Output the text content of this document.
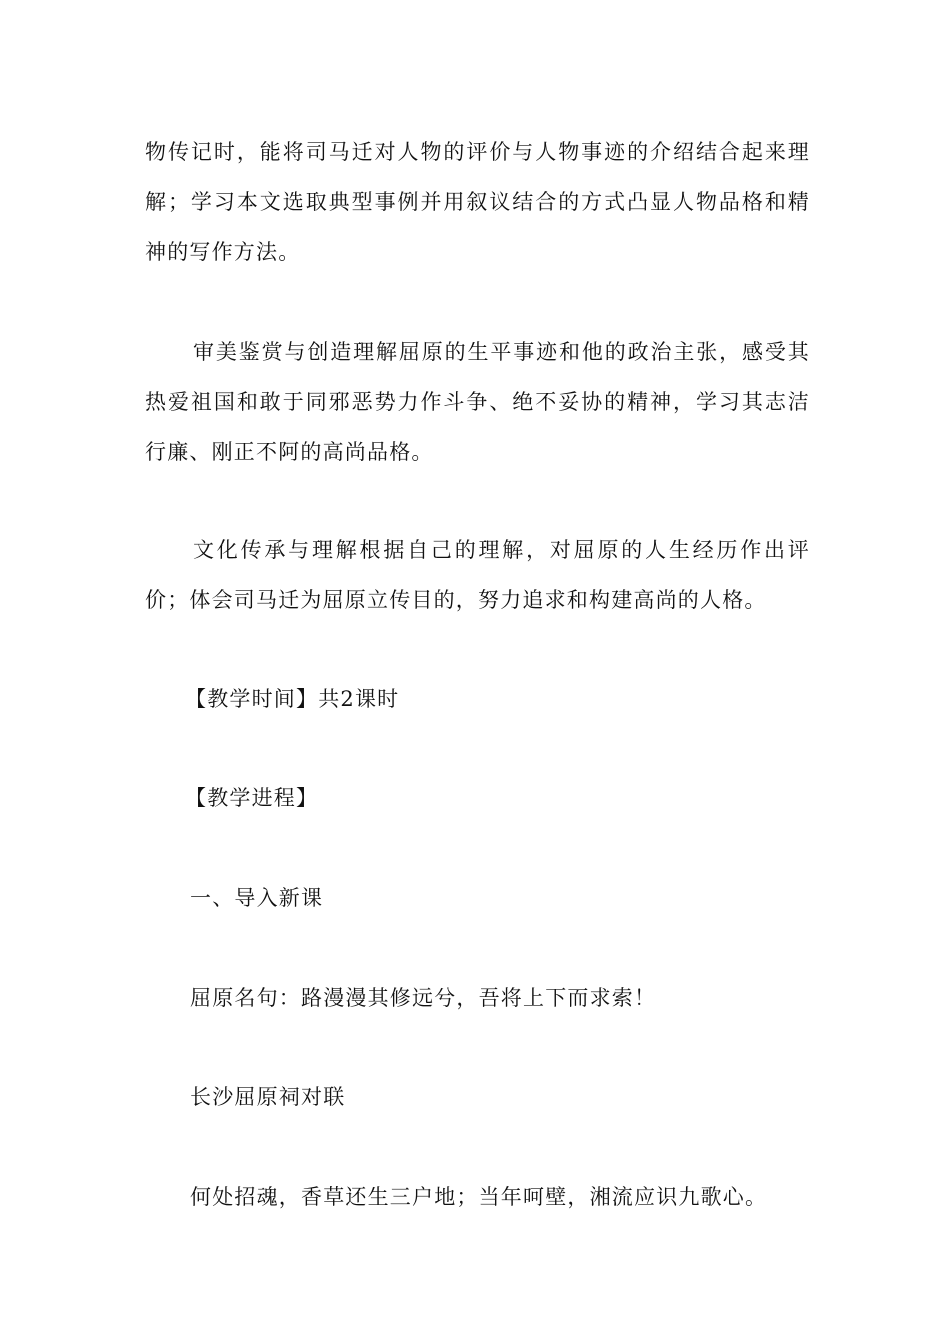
物传记时，能将司马迁对人物的评价与人物事迹的介绍结合起来理解；学习本文选取典型事例并用叙议结合的方式凸显人物品格和精神的写作方法。

审美鉴赏与创造理解屈原的生平事迹和他的政治主张，感受其热爱祖国和敢于同邪恶势力作斗争、绝不妥协的精神，学习其志洁行廉、刚正不阿的高尚品格。

文化传承与理解根据自己的理解，对屈原的人生经历作出评价；体会司马迁为屈原立传目的，努力追求和构建高尚的人格。

【教学时间】共2课时

【教学进程】

一、导入新课

屈原名句：路漫漫其修远兮，吾将上下而求索！

长沙屈原祠对联

何处招魂，香草还生三户地；当年呵壁，湘流应识九歌心。
